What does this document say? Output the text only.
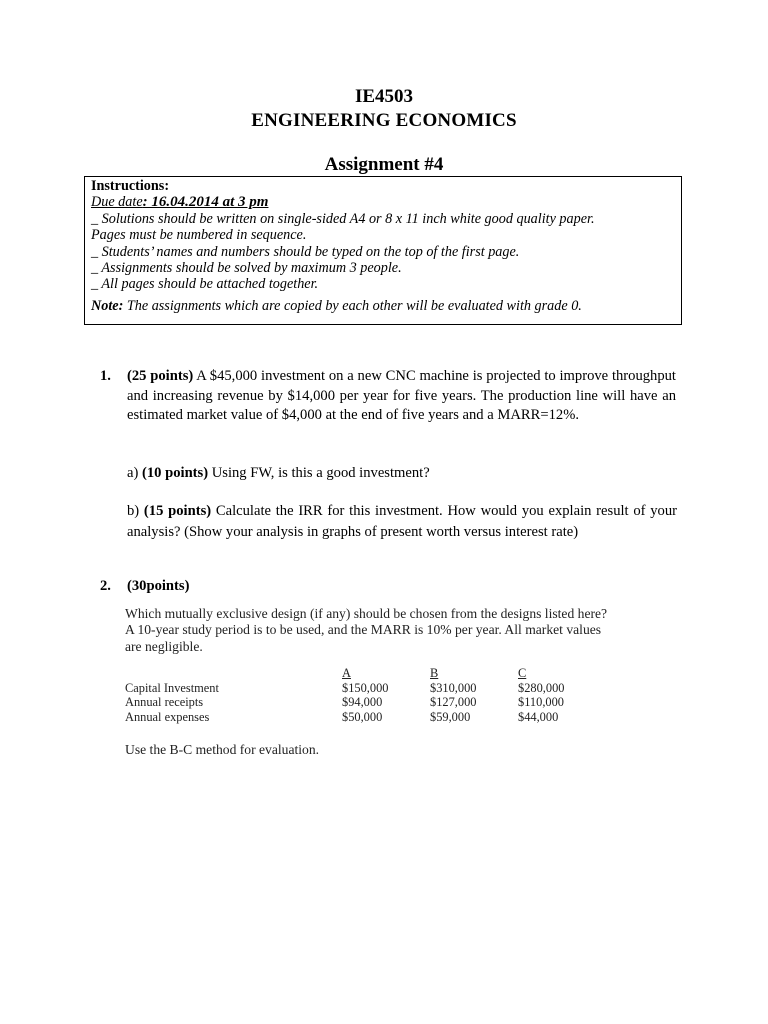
IE4503
ENGINEERING ECONOMICS
Assignment #4
Instructions:
Due date: 16.04.2014 at 3 pm
_ Solutions should be written on single-sided A4 or 8 x 11 inch white good quality paper.
Pages must be numbered in sequence.
_ Students’ names and numbers should be typed on the top of the first page.
_ Assignments should be solved by maximum 3 people.
_ All pages should be attached together.
Note: The assignments which are copied by each other will be evaluated with grade 0.
1. (25 points) A $45,000 investment on a new CNC machine is projected to improve throughput and increasing revenue by $14,000 per year for five years. The production line will have an estimated market value of $4,000 at the end of five years and a MARR=12%.
a) (10 points) Using FW, is this a good investment?
b) (15 points) Calculate the IRR for this investment. How would you explain result of your analysis? (Show your analysis in graphs of present worth versus interest rate)
2. (30points)

Which mutually exclusive design (if any) should be chosen from the designs listed here?

A 10-year study period is to be used, and the MARR is 10% per year. All market values

are negligible.

	A	B	C
Capital Investment	$150,000	$310,000	$280,000
Annual receipts	$94,000	$127,000	$110,000
Annual expenses	$50,000	$59,000	$44,000
Use the B-C method for evaluation.
